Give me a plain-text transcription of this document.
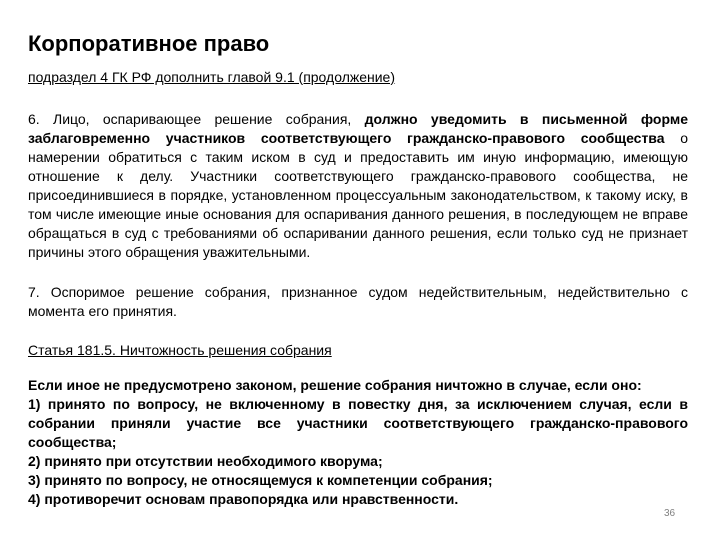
Корпоративное право

подраздел 4 ГК РФ дополнить главой 9.1 (продолжение)

6. Лицо, оспаривающее решение собрания, должно уведомить в письменной форме заблаговременно участников соответствующего гражданско-правового сообщества о намерении обратиться с таким иском в суд и предоставить им иную информацию, имеющую отношение к делу. Участники соответствующего гражданско-правового сообщества, не присоединившиеся в порядке, установленном процессуальным законодательством, к такому иску, в том числе имеющие иные основания для оспаривания данного решения, в последующем не вправе обращаться в суд с требованиями об оспаривании данного решения, если только суд не признает причины этого обращения уважительными.

7. Оспоримое решение собрания, признанное судом недействительным, недействительно с момента его принятия.

Статья 181.5. Ничтожность решения собрания

Если иное не предусмотрено законом, решение собрания ничтожно в случае, если оно:
1) принято по вопросу, не включенному в повестку дня, за исключением случая, если в собрании приняли участие все участники соответствующего гражданско-правового сообщества;
2) принято при отсутствии необходимого кворума;
3) принято по вопросу, не относящемуся к компетенции собрания;
4) противоречит основам правопорядка или нравственности.
36
